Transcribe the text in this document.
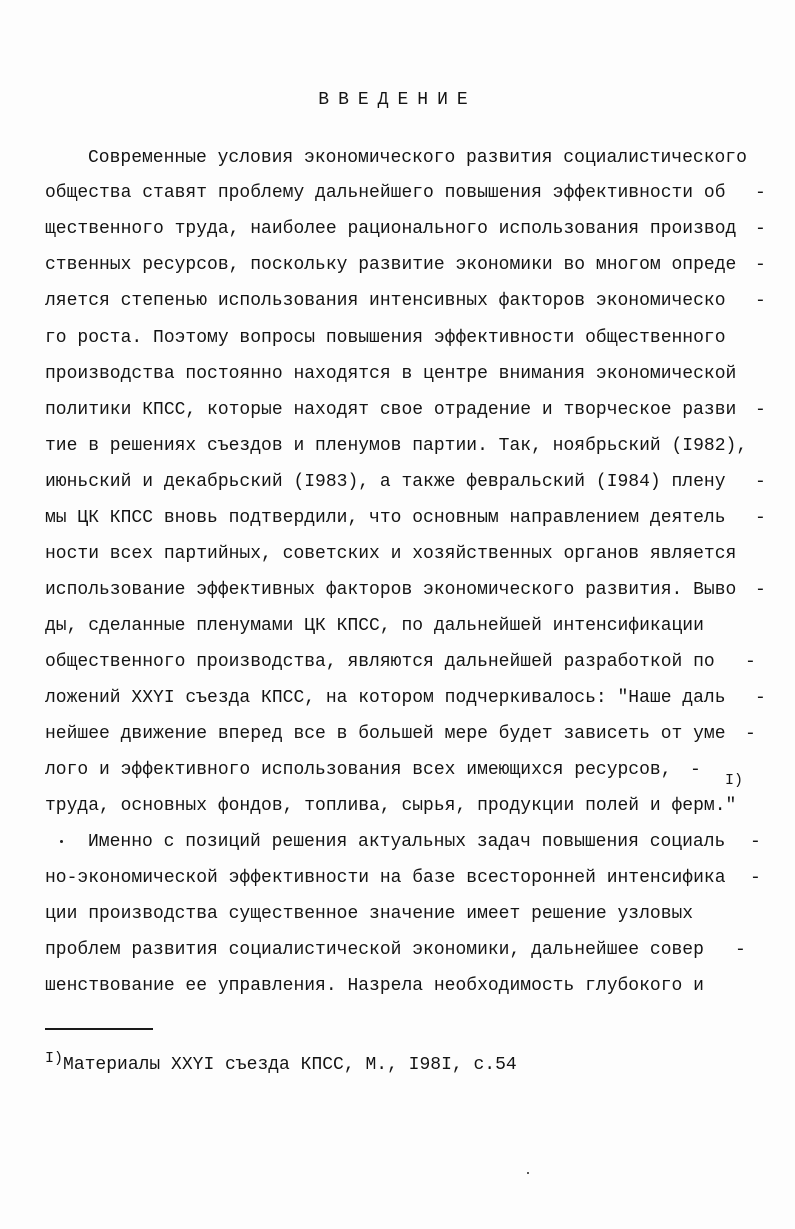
ВВЕДЕНИЕ
Современные условия экономического развития социалистического
общества ставят проблему дальнейшего повышения эффективности об -
щественного труда, наиболее рационального использования производ -
ственных ресурсов, поскольку развитие экономики во многом опреде -
ляется степенью использования интенсивных факторов экономическо -
го роста. Поэтому вопросы повышения эффективности общественного
производства постоянно находятся в центре внимания экономической
политики КПСС, которые находят свое отрадение и творческое разви -
тие в решениях съездов и пленумов партии. Так, ноябрьский (I982),
июньский и декабрьский (I983), а также февральский (I984) плену -
мы ЦК КПСС вновь подтвердили, что основным направлением деятель -
ности всех партийных, советских и хозяйственных органов является
использование эффективных факторов экономического развития. Выво -
ды, сделанные пленумами ЦК КПСС, по дальнейшей интенсификации
общественного производства, являются дальнейшей разработкой по -
ложений XXYI съезда КПСС, на котором подчеркивалось: "Наше даль -
нейшее движение вперед все в большей мере будет зависеть от уме -
лого и эффективного использования всех имеющихся ресурсов, -
труда, основных фондов, топлива, сырья, продукции полей и ферм."
Именно с позиций решения актуальных задач повышения социаль -
но-экономической эффективности на базе всесторонней интенсифика -
ции производства существенное значение имеет решение узловых
проблем развития социалистической экономики, дальнейшее совер -
шенствование ее управления. Назрела необходимость глубокого и
I)
$^{I)}$Материалы XXYI съезда КПСС, М., I98I, с.54
